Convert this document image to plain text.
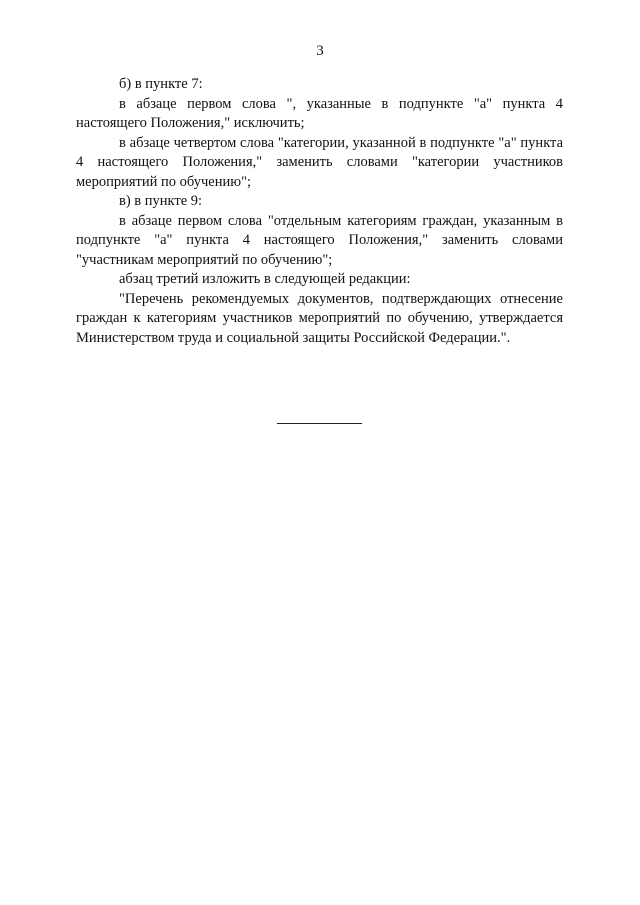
3

б) в пункте 7:

в абзаце первом слова ", указанные в подпункте "а" пункта 4 настоящего Положения," исключить;

в абзаце четвертом слова "категории, указанной в подпункте "а" пункта 4 настоящего Положения," заменить словами "категории участников мероприятий по обучению";

в) в пункте 9:

в абзаце первом слова "отдельным категориям граждан, указанным в подпункте "а" пункта 4 настоящего Положения," заменить словами "участникам мероприятий по обучению";

абзац третий изложить в следующей редакции:

"Перечень рекомендуемых документов, подтверждающих отнесение граждан к категориям участников мероприятий по обучению, утверждается Министерством труда и социальной защиты Российской Федерации.".
